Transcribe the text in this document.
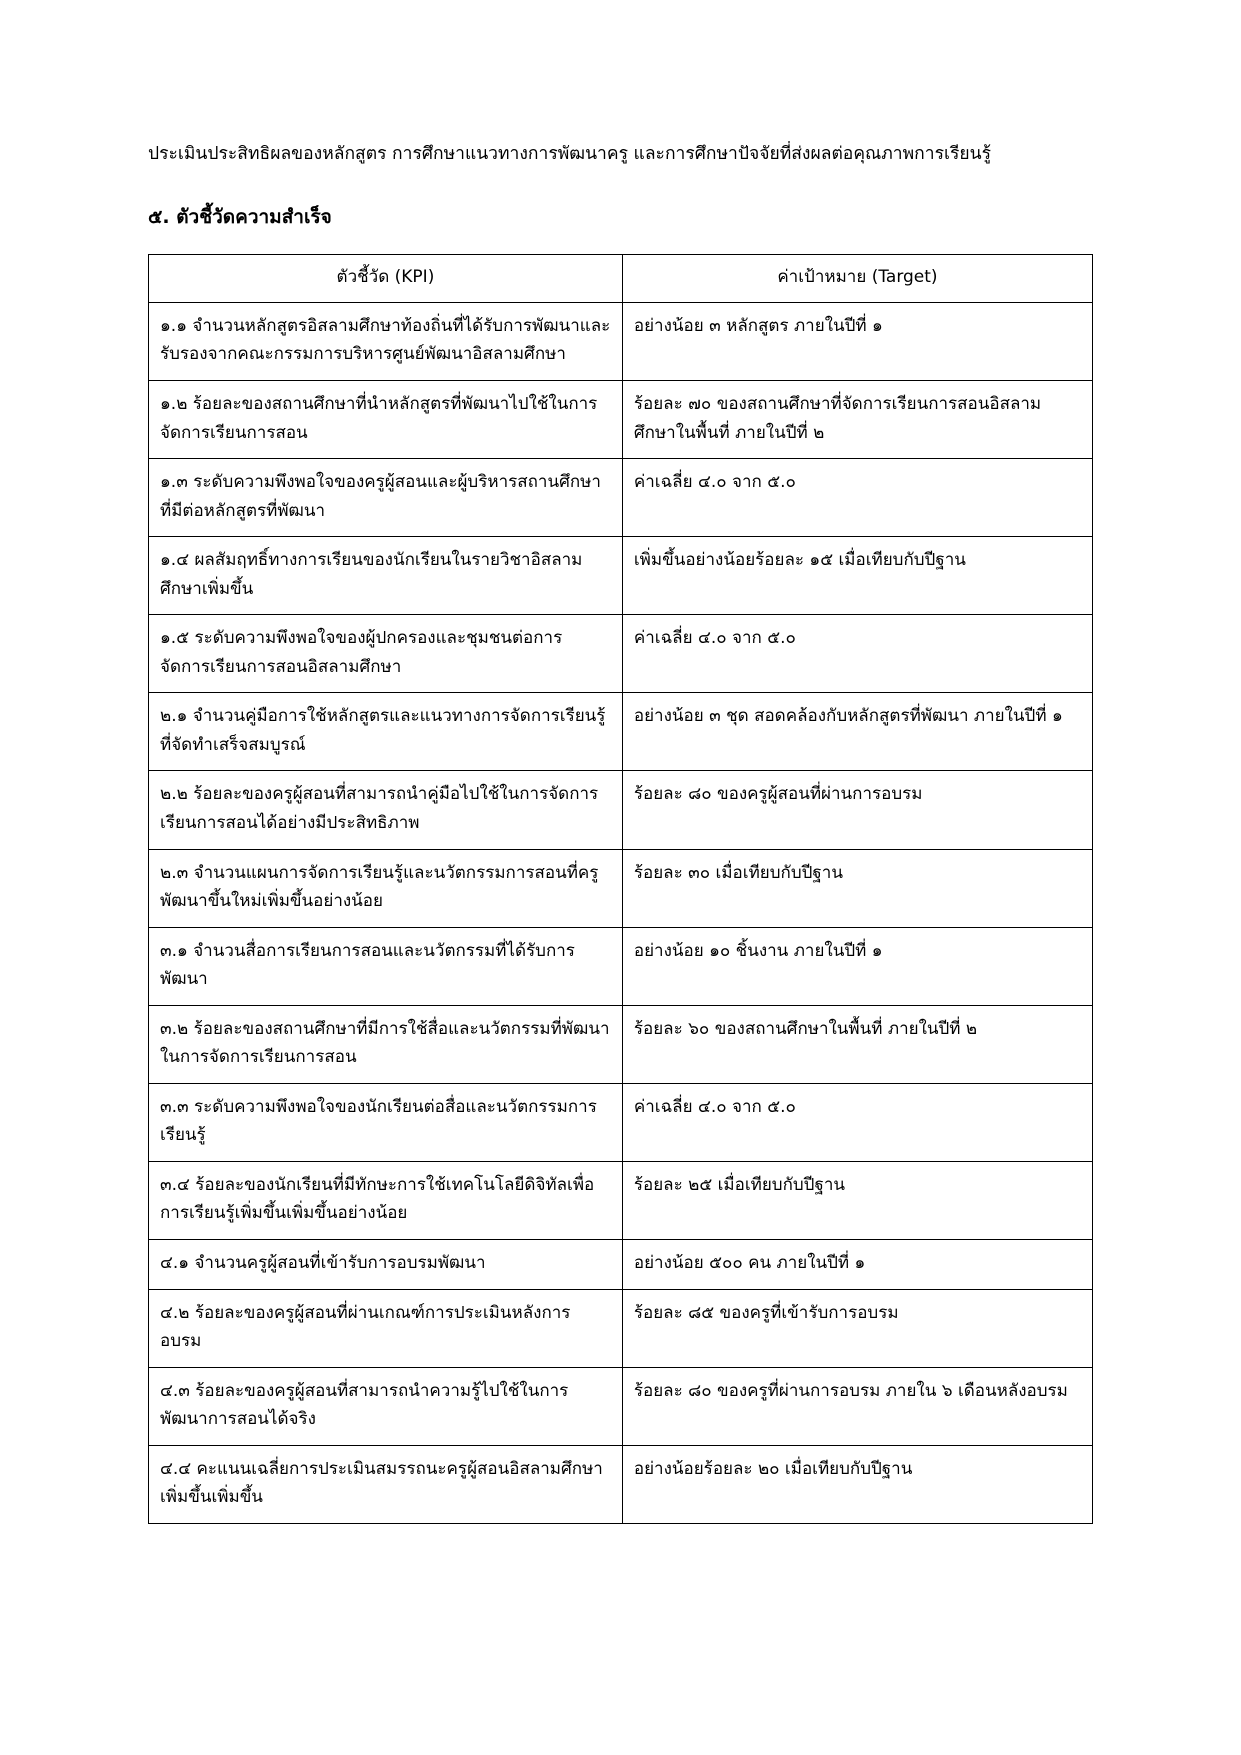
ประเมินประสิทธิผลของหลักสูตร การศึกษาแนวทางการพัฒนาครู และการศึกษาปัจจัยที่ส่งผลต่อคุณภาพการเรียนรู้

๕. ตัวชี้วัดความสำเร็จ
ตัวชี้วัด (KPI)	ค่าเป้าหมาย (Target)
๑.๑ จำนวนหลักสูตรอิสลามศึกษาท้องถิ่นที่ได้รับการพัฒนาและรับรองจากคณะกรรมการบริหารศูนย์พัฒนาอิสลามศึกษา	อย่างน้อย ๓ หลักสูตร ภายในปีที่ ๑
๑.๒ ร้อยละของสถานศึกษาที่นำหลักสูตรที่พัฒนาไปใช้ในการจัดการเรียนการสอน	ร้อยละ ๗๐ ของสถานศึกษาที่จัดการเรียนการสอนอิสลามศึกษาในพื้นที่ ภายในปีที่ ๒
๑.๓ ระดับความพึงพอใจของครูผู้สอนและผู้บริหารสถานศึกษาที่มีต่อหลักสูตรที่พัฒนา	ค่าเฉลี่ย ๔.๐ จาก ๕.๐
๑.๔ ผลสัมฤทธิ์ทางการเรียนของนักเรียนในรายวิชาอิสลามศึกษาเพิ่มขึ้น	เพิ่มขึ้นอย่างน้อยร้อยละ ๑๕ เมื่อเทียบกับปีฐาน
๑.๕ ระดับความพึงพอใจของผู้ปกครองและชุมชนต่อการจัดการเรียนการสอนอิสลามศึกษา	ค่าเฉลี่ย ๔.๐ จาก ๕.๐
๒.๑ จำนวนคู่มือการใช้หลักสูตรและแนวทางการจัดการเรียนรู้ที่จัดทำเสร็จสมบูรณ์	อย่างน้อย ๓ ชุด สอดคล้องกับหลักสูตรที่พัฒนา ภายในปีที่ ๑
๒.๒ ร้อยละของครูผู้สอนที่สามารถนำคู่มือไปใช้ในการจัดการเรียนการสอนได้อย่างมีประสิทธิภาพ	ร้อยละ ๘๐ ของครูผู้สอนที่ผ่านการอบรม
๒.๓ จำนวนแผนการจัดการเรียนรู้และนวัตกรรมการสอนที่ครูพัฒนาขึ้นใหม่เพิ่มขึ้นอย่างน้อย	ร้อยละ ๓๐ เมื่อเทียบกับปีฐาน
๓.๑ จำนวนสื่อการเรียนการสอนและนวัตกรรมที่ได้รับการพัฒนา	อย่างน้อย ๑๐ ชิ้นงาน ภายในปีที่ ๑
๓.๒ ร้อยละของสถานศึกษาที่มีการใช้สื่อและนวัตกรรมที่พัฒนาในการจัดการเรียนการสอน	ร้อยละ ๖๐ ของสถานศึกษาในพื้นที่ ภายในปีที่ ๒
๓.๓ ระดับความพึงพอใจของนักเรียนต่อสื่อและนวัตกรรมการเรียนรู้	ค่าเฉลี่ย ๔.๐ จาก ๕.๐
๓.๔ ร้อยละของนักเรียนที่มีทักษะการใช้เทคโนโลยีดิจิทัลเพื่อการเรียนรู้เพิ่มขึ้นเพิ่มขึ้นอย่างน้อย	ร้อยละ ๒๕ เมื่อเทียบกับปีฐาน
๔.๑ จำนวนครูผู้สอนที่เข้ารับการอบรมพัฒนา	อย่างน้อย ๕๐๐ คน ภายในปีที่ ๑
๔.๒ ร้อยละของครูผู้สอนที่ผ่านเกณฑ์การประเมินหลังการอบรม	ร้อยละ ๘๕ ของครูที่เข้ารับการอบรม
๔.๓ ร้อยละของครูผู้สอนที่สามารถนำความรู้ไปใช้ในการพัฒนาการสอนได้จริง	ร้อยละ ๘๐ ของครูที่ผ่านการอบรม ภายใน ๖ เดือนหลังอบรม
๔.๔ คะแนนเฉลี่ยการประเมินสมรรถนะครูผู้สอนอิสลามศึกษาเพิ่มขึ้นเพิ่มขึ้น	อย่างน้อยร้อยละ ๒๐ เมื่อเทียบกับปีฐาน
